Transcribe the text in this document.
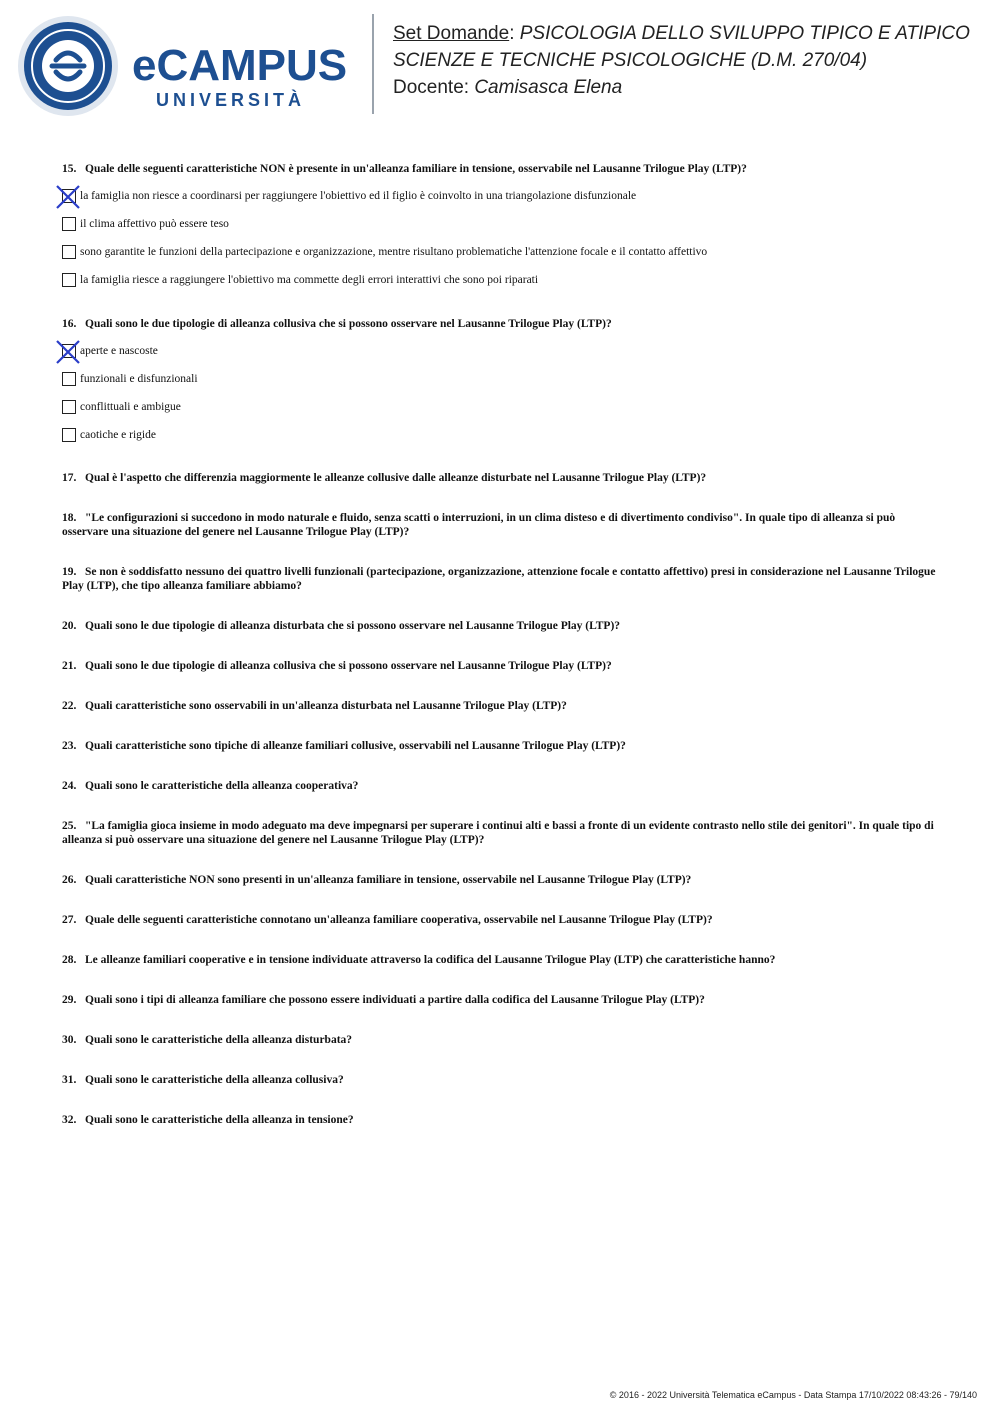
eCAMPUS
UNIVERSITÀ
Set Domande: PSICOLOGIA DELLO SVILUPPO TIPICO E ATIPICO
SCIENZE E TECNICHE PSICOLOGICHE (D.M. 270/04)
Docente: Camisasca Elena

15. Quale delle seguenti caratteristiche NON è presente in un'alleanza familiare in tensione, osservabile nel Lausanne Trilogue Play (LTP)?

la famiglia non riesce a coordinarsi per raggiungere l'obiettivo ed il figlio è coinvolto in una triangolazione disfunzionale
il clima affettivo può essere teso
sono garantite le funzioni della partecipazione e organizzazione, mentre risultano problematiche l'attenzione focale e il contatto affettivo
la famiglia riesce a raggiungere l'obiettivo ma commette degli errori interattivi che sono poi riparati

16. Quali sono le due tipologie di alleanza collusiva che si possono osservare nel Lausanne Trilogue Play (LTP)?

aperte e nascoste
funzionali e disfunzionali
conflittuali e ambigue
caotiche e rigide

17. Qual è l'aspetto che differenzia maggiormente le alleanze collusive dalle alleanze disturbate nel Lausanne Trilogue Play (LTP)?

18. "Le configurazioni si succedono in modo naturale e fluido, senza scatti o interruzioni, in un clima disteso e di divertimento condiviso". In quale tipo di alleanza si può osservare una situazione del genere nel Lausanne Trilogue Play (LTP)?

19. Se non è soddisfatto nessuno dei quattro livelli funzionali (partecipazione, organizzazione, attenzione focale e contatto affettivo) presi in considerazione nel Lausanne Trilogue Play (LTP), che tipo alleanza familiare abbiamo?

20. Quali sono le due tipologie di alleanza disturbata che si possono osservare nel Lausanne Trilogue Play (LTP)?

21. Quali sono le due tipologie di alleanza collusiva che si possono osservare nel Lausanne Trilogue Play (LTP)?

22. Quali caratteristiche sono osservabili in un'alleanza disturbata nel Lausanne Trilogue Play (LTP)?

23. Quali caratteristiche sono tipiche di alleanze familiari collusive, osservabili nel Lausanne Trilogue Play (LTP)?

24. Quali sono le caratteristiche della alleanza cooperativa?

25. "La famiglia gioca insieme in modo adeguato ma deve impegnarsi per superare i continui alti e bassi a fronte di un evidente contrasto nello stile dei genitori". In quale tipo di alleanza si può osservare una situazione del genere nel Lausanne Trilogue Play (LTP)?

26. Quali caratteristiche NON sono presenti in un'alleanza familiare in tensione, osservabile nel Lausanne Trilogue Play (LTP)?

27. Quale delle seguenti caratteristiche connotano un'alleanza familiare cooperativa, osservabile nel Lausanne Trilogue Play (LTP)?

28. Le alleanze familiari cooperative e in tensione individuate attraverso la codifica del Lausanne Trilogue Play (LTP) che caratteristiche hanno?

29. Quali sono i tipi di alleanza familiare che possono essere individuati a partire dalla codifica del Lausanne Trilogue Play (LTP)?

30. Quali sono le caratteristiche della alleanza disturbata?

31. Quali sono le caratteristiche della alleanza collusiva?

32. Quali sono le caratteristiche della alleanza in tensione?

© 2016 - 2022 Università Telematica eCampus - Data Stampa 17/10/2022 08:43:26 - 79/140
